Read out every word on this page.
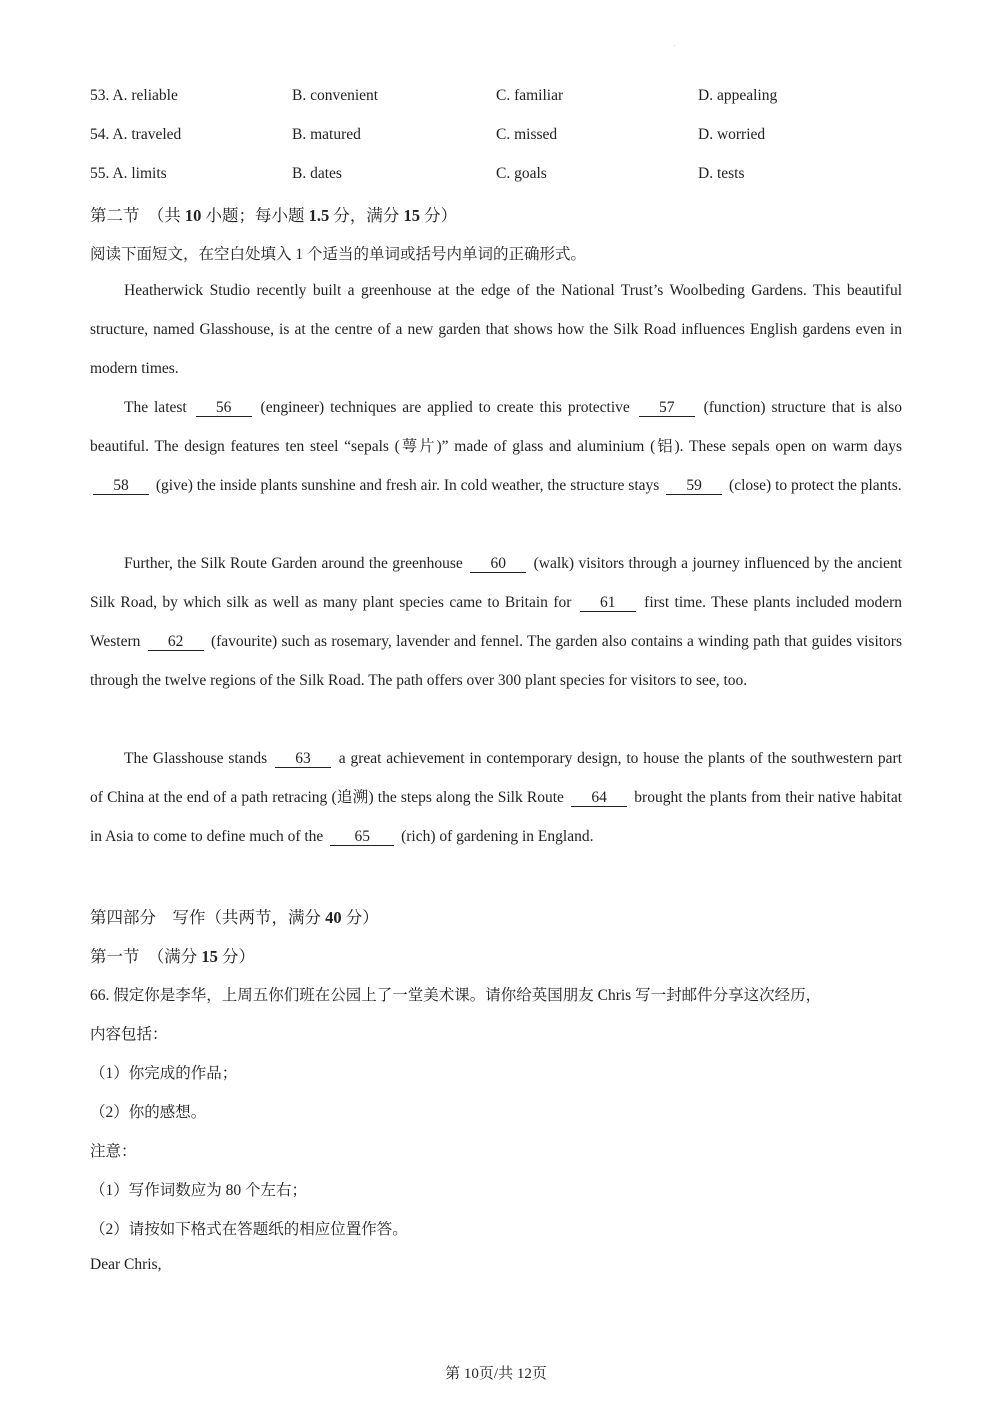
.
53. A. reliable	B. convenient	C. familiar	D. appealing
54. A. traveled	B. matured	C. missed	D. worried
55. A. limits	B. dates	C. goals	D. tests
第二节　（共 10 小题；每小题 1.5 分，满分 15 分）
阅读下面短文，在空白处填入 1 个适当的单词或括号内单词的正确形式。
Heatherwick Studio recently built a greenhouse at the edge of the National Trust’s Woolbeding Gardens. This beautiful structure, named Glasshouse, is at the centre of a new garden that shows how the Silk Road influences English gardens even in modern times.
The latest 56 (engineer) techniques are applied to create this protective 57 (function) structure that is also beautiful. The design features ten steel “sepals (萼片)” made of glass and aluminium (铝). These sepals open on warm days 58 (give) the inside plants sunshine and fresh air. In cold weather, the structure stays 59 (close) to protect the plants.
Further, the Silk Route Garden around the greenhouse 60 (walk) visitors through a journey influenced by the ancient Silk Road, by which silk as well as many plant species came to Britain for 61 first time. These plants included modern Western 62 (favourite) such as rosemary, lavender and fennel. The garden also contains a winding path that guides visitors through the twelve regions of the Silk Road. The path offers over 300 plant species for visitors to see, too.
The Glasshouse stands 63 a great achievement in contemporary design, to house the plants of the southwestern part of China at the end of a path retracing (追溯) the steps along the Silk Route 64 brought the plants from their native habitat in Asia to come to define much of the 65 (rich) of gardening in England.
第四部分　写作（共两节，满分 40 分）
第一节　（满分 15 分）
66. 假定你是李华，上周五你们班在公园上了一堂美术课。请你给英国朋友 Chris 写一封邮件分享这次经历，
内容包括：
（1）你完成的作品；
（2）你的感想。
注意：
（1）写作词数应为 80 个左右；
（2）请按如下格式在答题纸的相应位置作答。
Dear Chris,
第 10页/共 12页
